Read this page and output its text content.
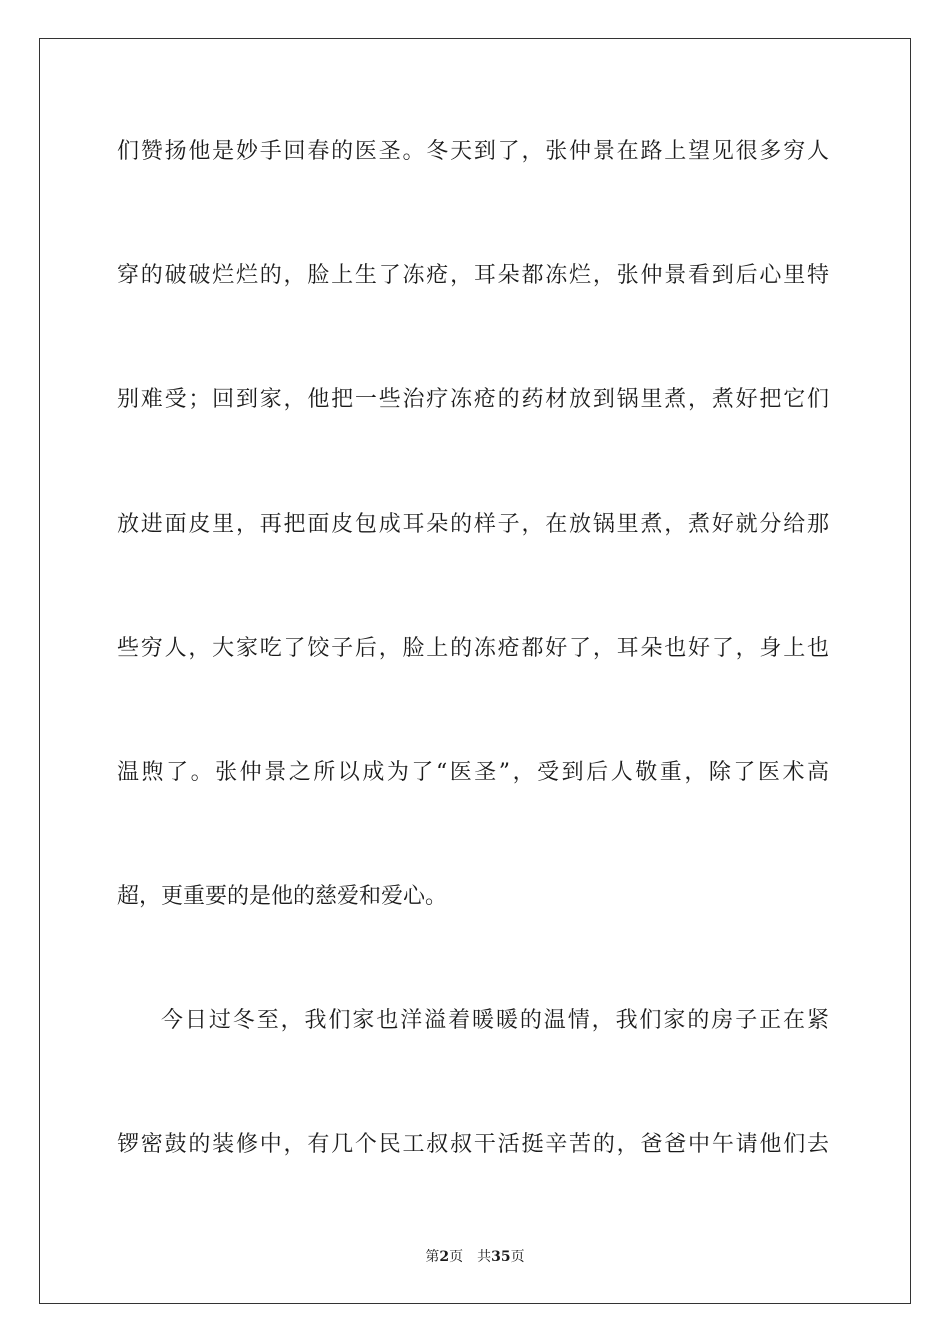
们赞扬他是妙手回春的医圣。冬天到了，张仲景在路上望见很多穷人
穿的破破烂烂的，脸上生了冻疮，耳朵都冻烂，张仲景看到后心里特
别难受；回到家，他把一些治疗冻疮的药材放到锅里煮，煮好把它们
放进面皮里，再把面皮包成耳朵的样子，在放锅里煮，煮好就分给那
些穷人，大家吃了饺子后，脸上的冻疮都好了，耳朵也好了，身上也
温煦了。张仲景之所以成为了“医圣”，受到后人敬重，除了医术高
超，更重要的是他的慈爱和爱心。
今日过冬至，我们家也洋溢着暖暖的温情，我们家的房子正在紧
锣密鼓的装修中，有几个民工叔叔干活挺辛苦的，爸爸中午请他们去
第2页 共35页
